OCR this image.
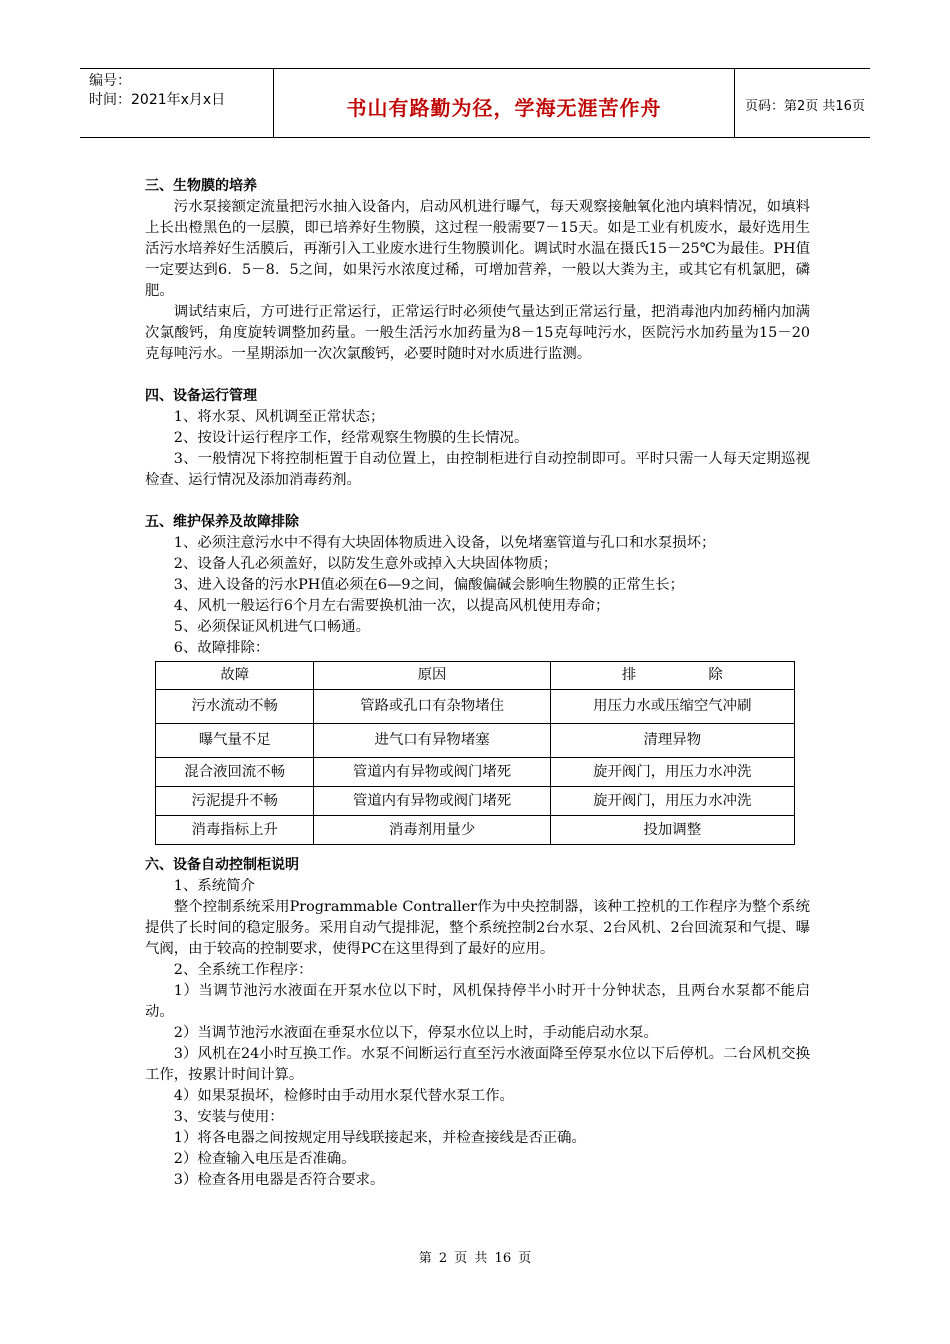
编号：
时间：2021年x月x日	书山有路勤为径，学海无涯苦作舟	页码：第2页 共16页
三、生物膜的培养

污水泵接额定流量把污水抽入设备内，启动风机进行曝气，每天观察接触氧化池内填料情况，如填料上长出橙黑色的一层膜，即已培养好生物膜，这过程一般需要7－15天。如是工业有机废水，最好选用生活污水培养好生活膜后，再渐引入工业废水进行生物膜训化。调试时水温在摄氏15－25℃为最佳。PH值一定要达到6．5－8．5之间，如果污水浓度过稀，可增加营养，一般以大粪为主，或其它有机氯肥，磷肥。

调试结束后，方可进行正常运行，正常运行时必须使气量达到正常运行量，把消毒池内加药桶内加满次氯酸钙，角度旋转调整加药量。一般生活污水加药量为8－15克每吨污水，医院污水加药量为15－20克每吨污水。一星期添加一次次氯酸钙，必要时随时对水质进行监测。

四、设备运行管理

1、将水泵、风机调至正常状态；

2、按设计运行程序工作，经常观察生物膜的生长情况。

3、一般情况下将控制柜置于自动位置上，由控制柜进行自动控制即可。平时只需一人每天定期巡视检查、运行情况及添加消毒药剂。

五、维护保养及故障排除

1、必须注意污水中不得有大块固体物质进入设备，以免堵塞管道与孔口和水泵损坏；

2、设备人孔必须盖好，以防发生意外或掉入大块固体物质；

3、进入设备的污水PH值必须在6—9之间，偏酸偏碱会影响生物膜的正常生长；

4、风机一般运行6个月左右需要换机油一次，以提高风机使用寿命；

5、必须保证风机进气口畅通。

6、故障排除：

故障	原因	排 除
污水流动不畅	管路或孔口有杂物堵住	用压力水或压缩空气冲刷
曝气量不足	进气口有异物堵塞	清理异物
混合液回流不畅	管道内有异物或阀门堵死	旋开阀门，用压力水冲洗
污泥提升不畅	管道内有异物或阀门堵死	旋开阀门，用压力水冲洗
消毒指标上升	消毒剂用量少	投加调整
六、设备自动控制柜说明

1、系统简介

整个控制系统采用Programmable Contraller作为中央控制器，该种工控机的工作程序为整个系统提供了长时间的稳定服务。采用自动气提排泥，整个系统控制2台水泵、2台风机、2台回流泵和气提、曝气阀，由于较高的控制要求，使得PC在这里得到了最好的应用。

2、全系统工作程序：

1）当调节池污水液面在开泵水位以下时，风机保持停半小时开十分钟状态，且两台水泵都不能启动。

2）当调节池污水液面在垂泵水位以下，停泵水位以上时，手动能启动水泵。

3）风机在24小时互换工作。水泵不间断运行直至污水液面降至停泵水位以下后停机。二台风机交换工作，按累计时间计算。

4）如果泵损坏，检修时由手动用水泵代替水泵工作。

3、安装与使用：

1）将各电器之间按规定用导线联接起来，并检查接线是否正确。

2）检查输入电压是否准确。

3）检查各用电器是否符合要求。

第 2 页 共 16 页
